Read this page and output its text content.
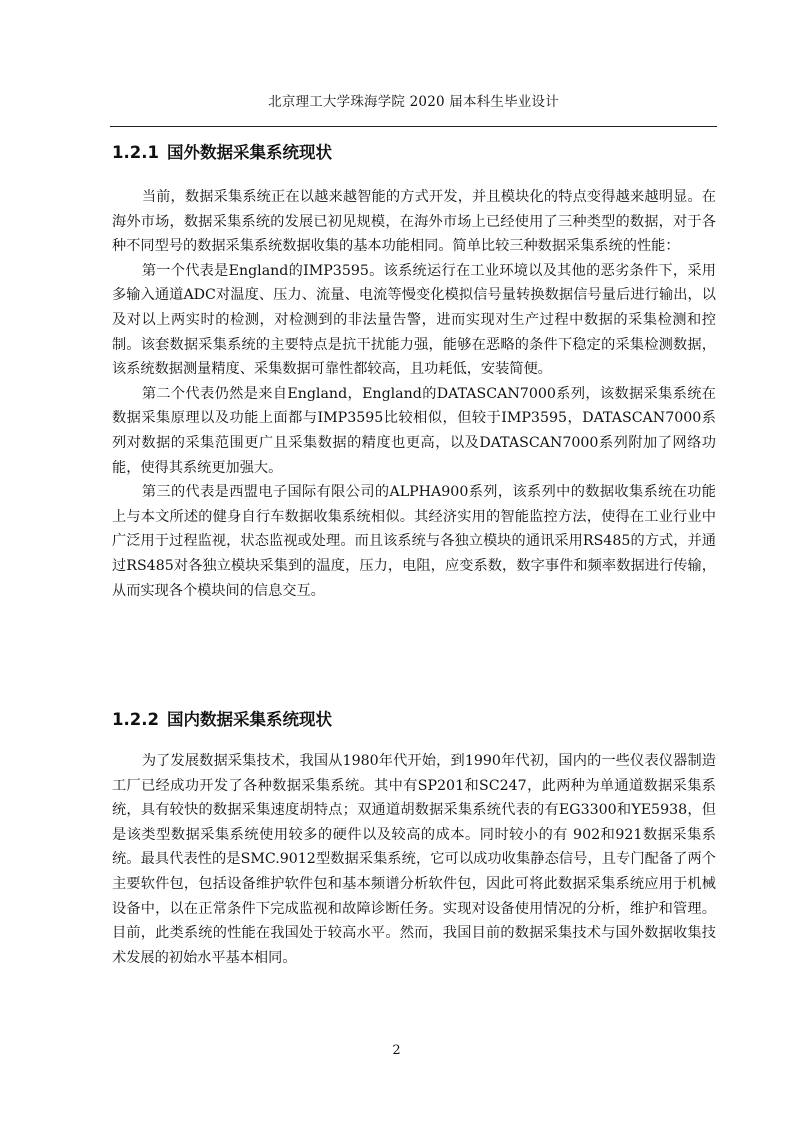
北京理工大学珠海学院 2020 届本科生毕业设计
1.2.1 国外数据采集系统现状

当前，数据采集系统正在以越来越智能的方式开发，并且模块化的特点变得越来越明显。在海外市场，数据采集系统的发展已初见规模，在海外市场上已经使用了三种类型的数据，对于各种不同型号的数据采集系统数据收集的基本功能相同。简单比较三种数据采集系统的性能：

第一个代表是England的IMP3595。该系统运行在工业环境以及其他的恶劣条件下，采用多输入通道ADC对温度、压力、流量、电流等慢变化模拟信号量转换数据信号量后进行输出，以及对以上两实时的检测，对检测到的非法量告警，进而实现对生产过程中数据的采集检测和控制。该套数据采集系统的主要特点是抗干扰能力强，能够在恶略的条件下稳定的采集检测数据，该系统数据测量精度、采集数据可靠性都较高，且功耗低，安装简便。

第二个代表仍然是来自England，England的DATASCAN7000系列，该数据采集系统在数据采集原理以及功能上面都与IMP3595比较相似，但较于IMP3595，DATASCAN7000系列对数据的采集范围更广且采集数据的精度也更高，以及DATASCAN7000系列附加了网络功能，使得其系统更加强大。

第三的代表是西盟电子国际有限公司的ALPHA900系列，该系列中的数据收集系统在功能上与本文所述的健身自行车数据收集系统相似。其经济实用的智能监控方法，使得在工业行业中广泛用于过程监视，状态监视或处理。而且该系统与各独立模块的通讯采用RS485的方式，并通过RS485对各独立模块采集到的温度，压力，电阻，应变系数，数字事件和频率数据进行传输，从而实现各个模块间的信息交互。

1.2.2 国内数据采集系统现状

为了发展数据采集技术，我国从1980年代开始，到1990年代初，国内的一些仪表仪器制造工厂已经成功开发了各种数据采集系统。其中有SP201和SC247，此两种为单通道数据采集系统，具有较快的数据采集速度胡特点；双通道胡数据采集系统代表的有EG3300和YE5938，但是该类型数据采集系统使用较多的硬件以及较高的成本。同时较小的有 902和921数据采集系统。最具代表性的是SMC.9012型数据采集系统，它可以成功收集静态信号，且专门配备了两个主要软件包，包括设备维护软件包和基本频谱分析软件包，因此可将此数据采集系统应用于机械设备中，以在正常条件下完成监视和故障诊断任务。实现对设备使用情况的分析，维护和管理。目前，此类系统的性能在我国处于较高水平。然而，我国目前的数据采集技术与国外数据收集技术发展的初始水平基本相同。

2
